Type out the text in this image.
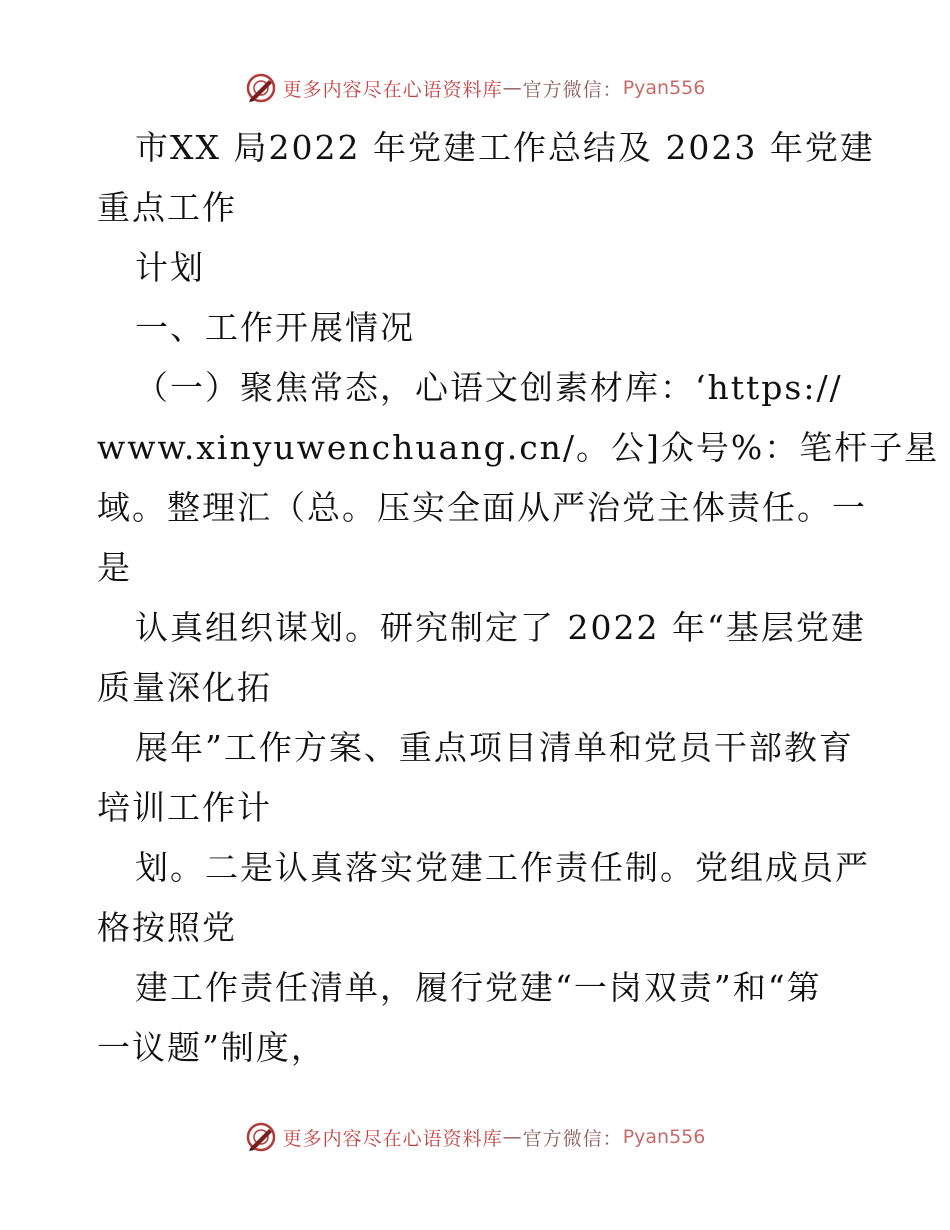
更多内容尽在心语资料库 — 官方微信： Pyan556
市XX 局2022 年党建工作总结及 2023 年党建
重点工作
计划
一、工作开展情况
（一）聚焦常态，心语文创素材库：‘https://
www.xinyuwenchuang.cn/。公]众号%：笔杆子星
域。整理汇（总。压实全面从严治党主体责任。一
是
认真组织谋划。研究制定了 2022 年“基层党建
质量深化拓
展年”工作方案、重点项目清单和党员干部教育
培训工作计
划。二是认真落实党建工作责任制。党组成员严
格按照党
建工作责任清单，履行党建“一岗双责”和“第
一议题”制度，
更多内容尽在心语资料库 — 官方微信： Pyan556
